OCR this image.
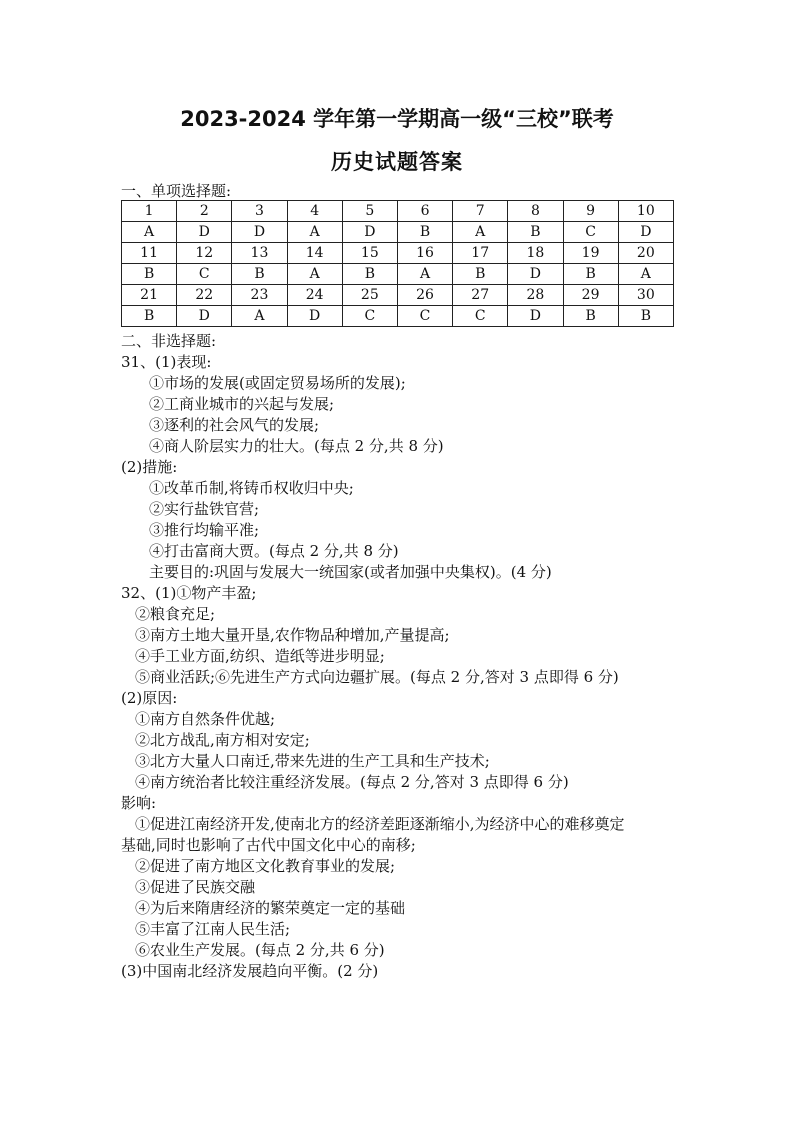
2023-2024 学年第一学期高一级“三校”联考
历史试题答案
一、单项选择题:
1	2	3	4	5	6	7	8	9	10
A	D	D	A	D	B	A	B	C	D
11	12	13	14	15	16	17	18	19	20
B	C	B	A	B	A	B	D	B	A
21	22	23	24	25	26	27	28	29	30
B	D	A	D	C	C	C	D	B	B
二、非选择题:
31、(1)表现:
①市场的发展(或固定贸易场所的发展);
②工商业城市的兴起与发展;
③逐利的社会风气的发展;
④商人阶层实力的壮大。(每点 2 分,共 8 分)
(2)措施:
①改革币制,将铸币权收归中央;
②实行盐铁官营;
③推行均输平准;
④打击富商大贾。(每点 2 分,共 8 分)
主要目的:巩固与发展大一统国家(或者加强中央集权)。(4 分)
32、(1)①物产丰盈;
②粮食充足;
③南方土地大量开垦,农作物品种增加,产量提高;
④手工业方面,纺织、造纸等进步明显;
⑤商业活跃;⑥先进生产方式向边疆扩展。(每点 2 分,答对 3 点即得 6 分)
(2)原因:
①南方自然条件优越;
②北方战乱,南方相对安定;
③北方大量人口南迁,带来先进的生产工具和生产技术;
④南方统治者比较注重经济发展。(每点 2 分,答对 3 点即得 6 分)
影响:
①促进江南经济开发,使南北方的经济差距逐渐缩小,为经济中心的难移奠定
基础,同时也影响了古代中国文化中心的南移;
②促进了南方地区文化教育事业的发展;
③促进了民族交融
④为后来隋唐经济的繁荣奠定一定的基础
⑤丰富了江南人民生活;
⑥农业生产发展。(每点 2 分,共 6 分)
(3)中国南北经济发展趋向平衡。(2 分)
